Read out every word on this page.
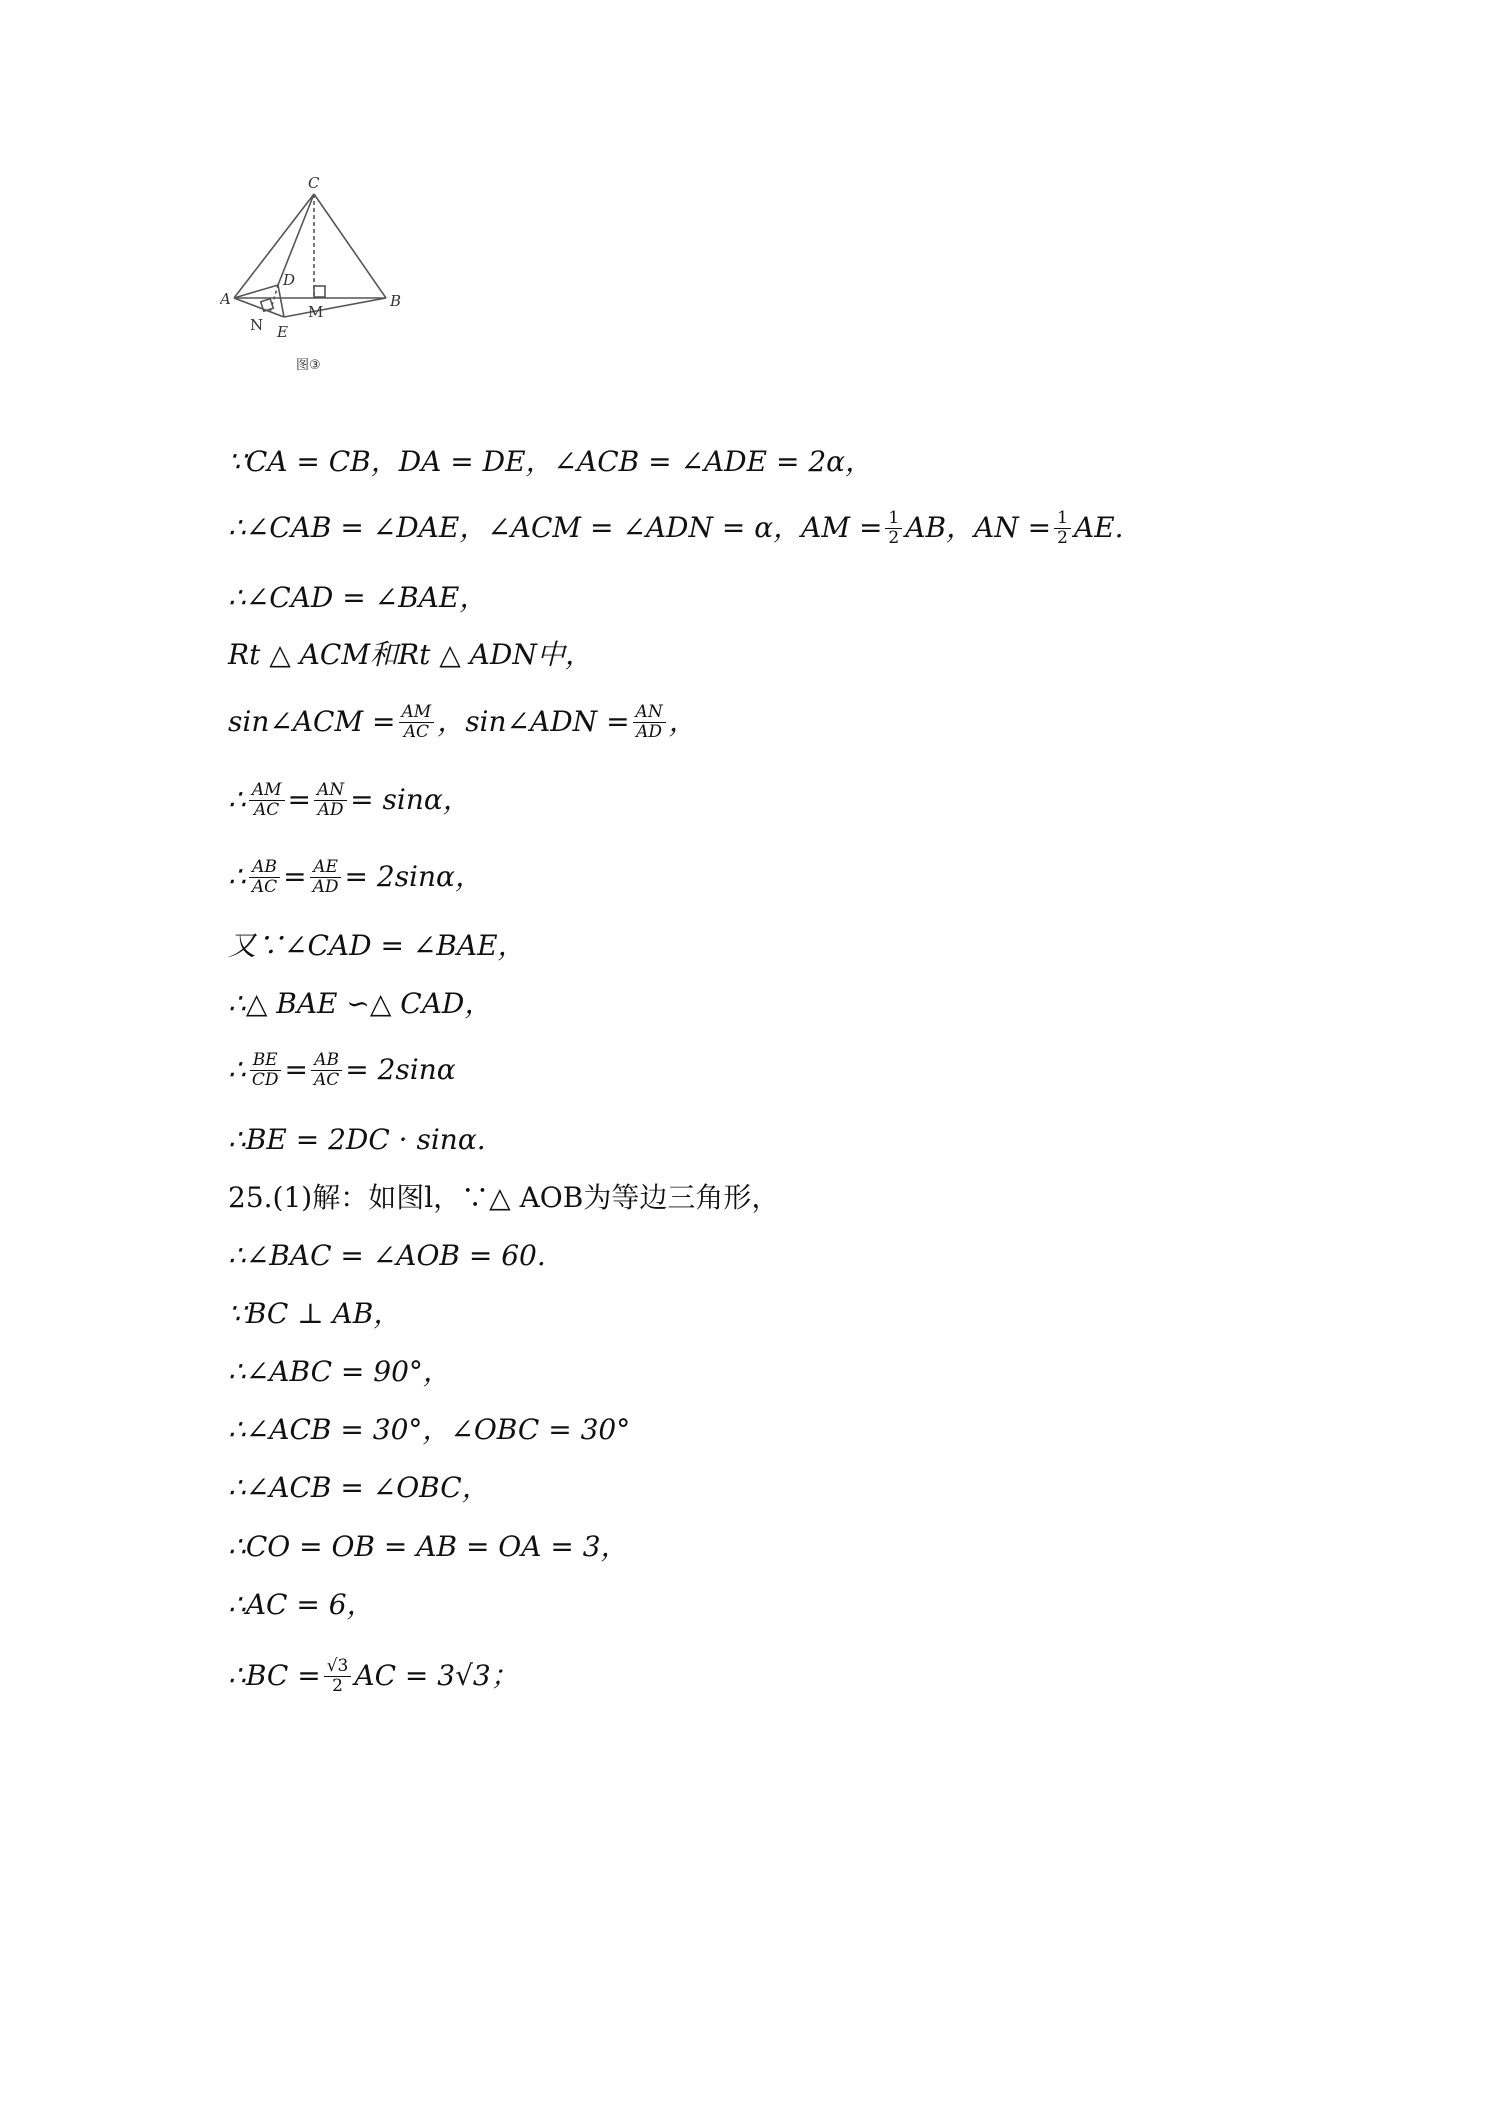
C
A	B
D
E
N
M
图③
∵CA = CB，DA = DE，∠ACB = ∠ADE = 2α，
∴∠CAB = ∠DAE，∠ACM = ∠ADN = α，AM = $\frac{1}{2}$ AB，AN = $\frac{1}{2}$ AE.
∴∠CAD = ∠BAE，
Rt △ ACM和Rt △ ADN中，
sin∠ACM = $\frac{AM}{AC}$ ，sin∠ADN = $\frac{AN}{AD}$ ，
∴ $\frac{AM}{AC} = \frac{AN}{AD} = \sin\alpha$，
∴ $\frac{AB}{AC} = \frac{AE}{AD} = 2\sin\alpha$，
又∵∠CAD = ∠BAE，
∴△ BAE ∽△ CAD，
∴ $\frac{BE}{CD} = \frac{AB}{AC} = 2\sin\alpha$
∴BE = 2DC · sinα.
25.(1)解：如图l，∵△ AOB为等边三角形，
∴∠BAC = ∠AOB = 60.
∵BC ⊥ AB，
∴∠ABC = 90°，
∴∠ACB = 30°，∠OBC = 30°
∴∠ACB = ∠OBC，
∴CO = OB = AB = OA = 3，
∴AC = 6，
∴BC = $\frac{√3}{2}$ AC = 3√3；
